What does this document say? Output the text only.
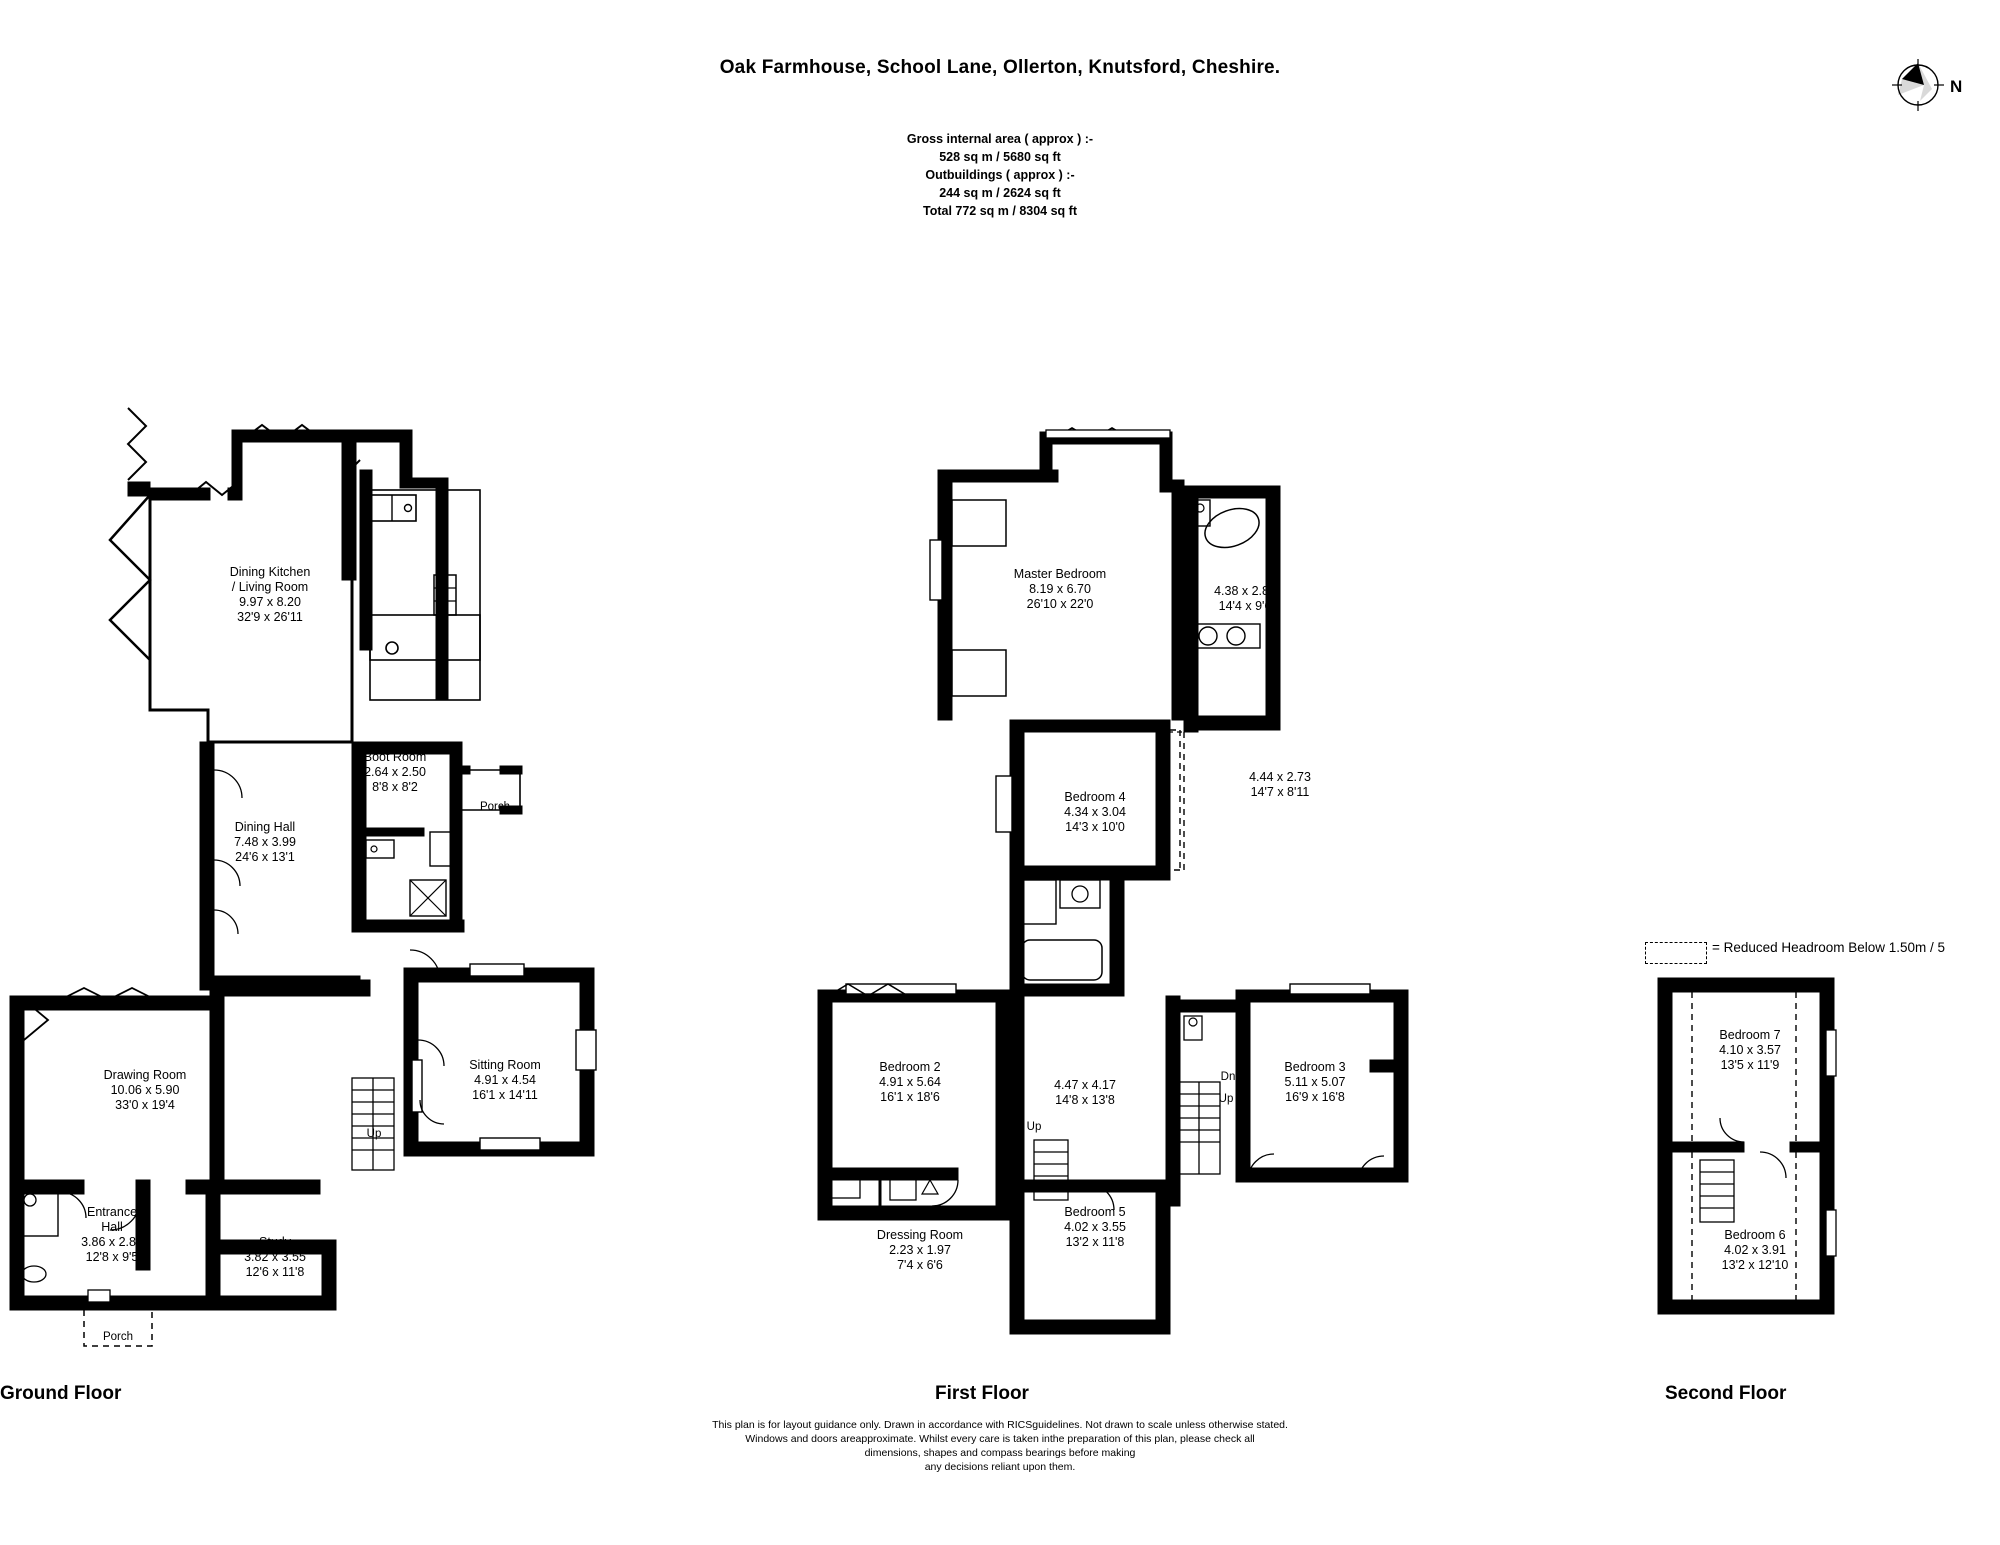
Oak Farmhouse, School Lane, Ollerton, Knutsford, Cheshire.
Gross internal area ( approx ) :-
528 sq m / 5680 sq ft
Outbuildings ( approx ) :-
244 sq m / 2624 sq ft
Total 772 sq m / 8304 sq ft
N
Dining Kitchen
/ Living Room
9.97 x 8.20
32'9 x 26'11
Boot Room
2.64 x 2.50
8'8 x 8'2
Porch
Dining Hall
7.48 x 3.99
24'6 x 13'1
Drawing Room
10.06 x 5.90
33'0 x 19'4
Sitting Room
4.91 x 4.54
16'1 x 14'11
Up
Entrance
Hall
3.86 x 2.87
12'8 x 9'5
Study
3.82 x 3.55
12'6 x 11'8
Porch
Ground Floor
Master Bedroom
8.19 x 6.70
26'10 x 22'0
4.38 x 2.89
14'4 x 9'6
Bedroom 4
4.34 x 3.04
14'3 x 10'0
4.44 x 2.73
14'7 x 8'11
Bedroom 2
4.91 x 5.64
16'1 x 18'6
4.47 x 4.17
14'8 x 13'8
Bedroom 3
5.11 x 5.07
16'9 x 16'8
Dn
Up
Up
Dressing Room
2.23 x 1.97
7'4 x 6'6
Bedroom 5
4.02 x 3.55
13'2 x 11'8
First Floor
Bedroom 7
4.10 x 3.57
13'5 x 11'9
Bedroom 6
4.02 x 3.91
13'2 x 12'10
Second Floor
= Reduced Headroom Below 1.50m / 5
This plan is for layout guidance only. Drawn in accordance with RICSguidelines. Not drawn to scale unless otherwise stated.
Windows and doors areapproximate. Whilst every care is taken inthe preparation of this plan, please check all
dimensions, shapes and compass bearings before making
any decisions reliant upon them.
